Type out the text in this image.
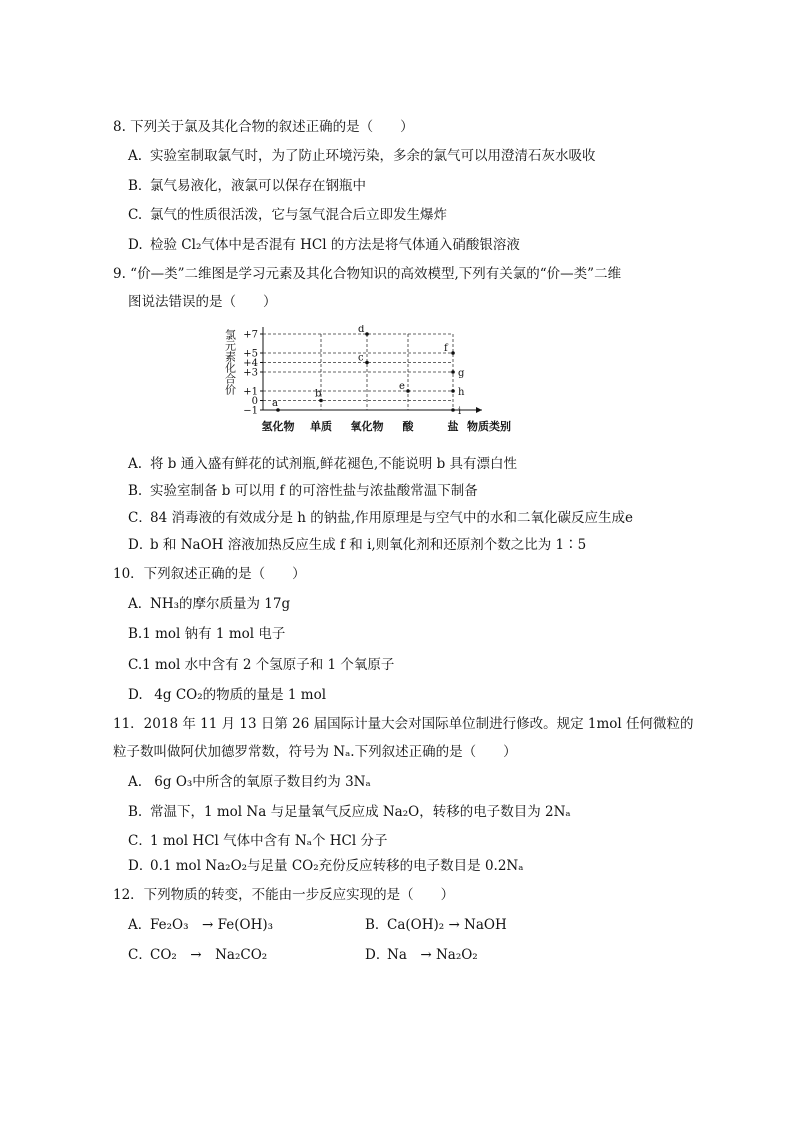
8. 下列关于氯及其化合物的叙述正确的是（　　）
A. 实验室制取氯气时，为了防止环境污染，多余的氯气可以用澄清石灰水吸收
B．氯气易液化，液氯可以保存在钢瓶中
C. 氯气的性质很活泼，它与氢气混合后立即发生爆炸
D. 检验 Cl₂气体中是否混有 HCl 的方法是将气体通入硝酸银溶液
9. “价—类”二维图是学习元素及其化合物知识的高效模型,下列有关氯的“价—类”二维
图说法错误的是（　　）
氯元素化合价 +7
+5
+4
+3
+1
0
−1
氢化物 单质 氧化物 酸	盐 物质类别
a
b
c
d
e
f
g
h
i
A. 将 b 通入盛有鲜花的试剂瓶,鲜花褪色,不能说明 b 具有漂白性
B. 实验室制备 b 可以用 f 的可溶性盐与浓盐酸常温下制备
C．84 消毒液的有效成分是 h 的钠盐,作用原理是与空气中的水和二氧化碳反应生成e
D．b 和 NaOH 溶液加热反应生成 f 和 i,则氧化剂和还原剂个数之比为 1∶5
10．下列叙述正确的是（　　）
A．NH₃的摩尔质量为 17g
B.1 mol 钠有 1 mol 电子
C.1 mol 水中含有 2 个氢原子和 1 个氧原子
D. 4g CO₂的物质的量是 1 mol
11．2018 年 11 月 13 日第 26 届国际计量大会对国际单位制进行修改。规定 1mol 任何微粒的
粒子数叫做阿伏加德罗常数，符号为 Nₐ.下列叙述正确的是（　　）
A. 6g O₃中所含的氧原子数目约为 3Nₐ
B. 常温下，1 mol Na 与足量氧气反应成 Na₂O，转移的电子数目为 2Nₐ
C．1 mol HCl 气体中含有 Nₐ个 HCl 分子
D．0.1 mol Na₂O₂与足量 CO₂充份反应转移的电子数目是 0.2Nₐ
12．下列物质的转变，不能由一步反应实现的是（　　）
A．Fe₂O₃　→ Fe(OH)₃	B．Ca(OH)₂ → NaOH
C．CO₂　→　Na₂CO₂	D．Na　→ Na₂O₂
